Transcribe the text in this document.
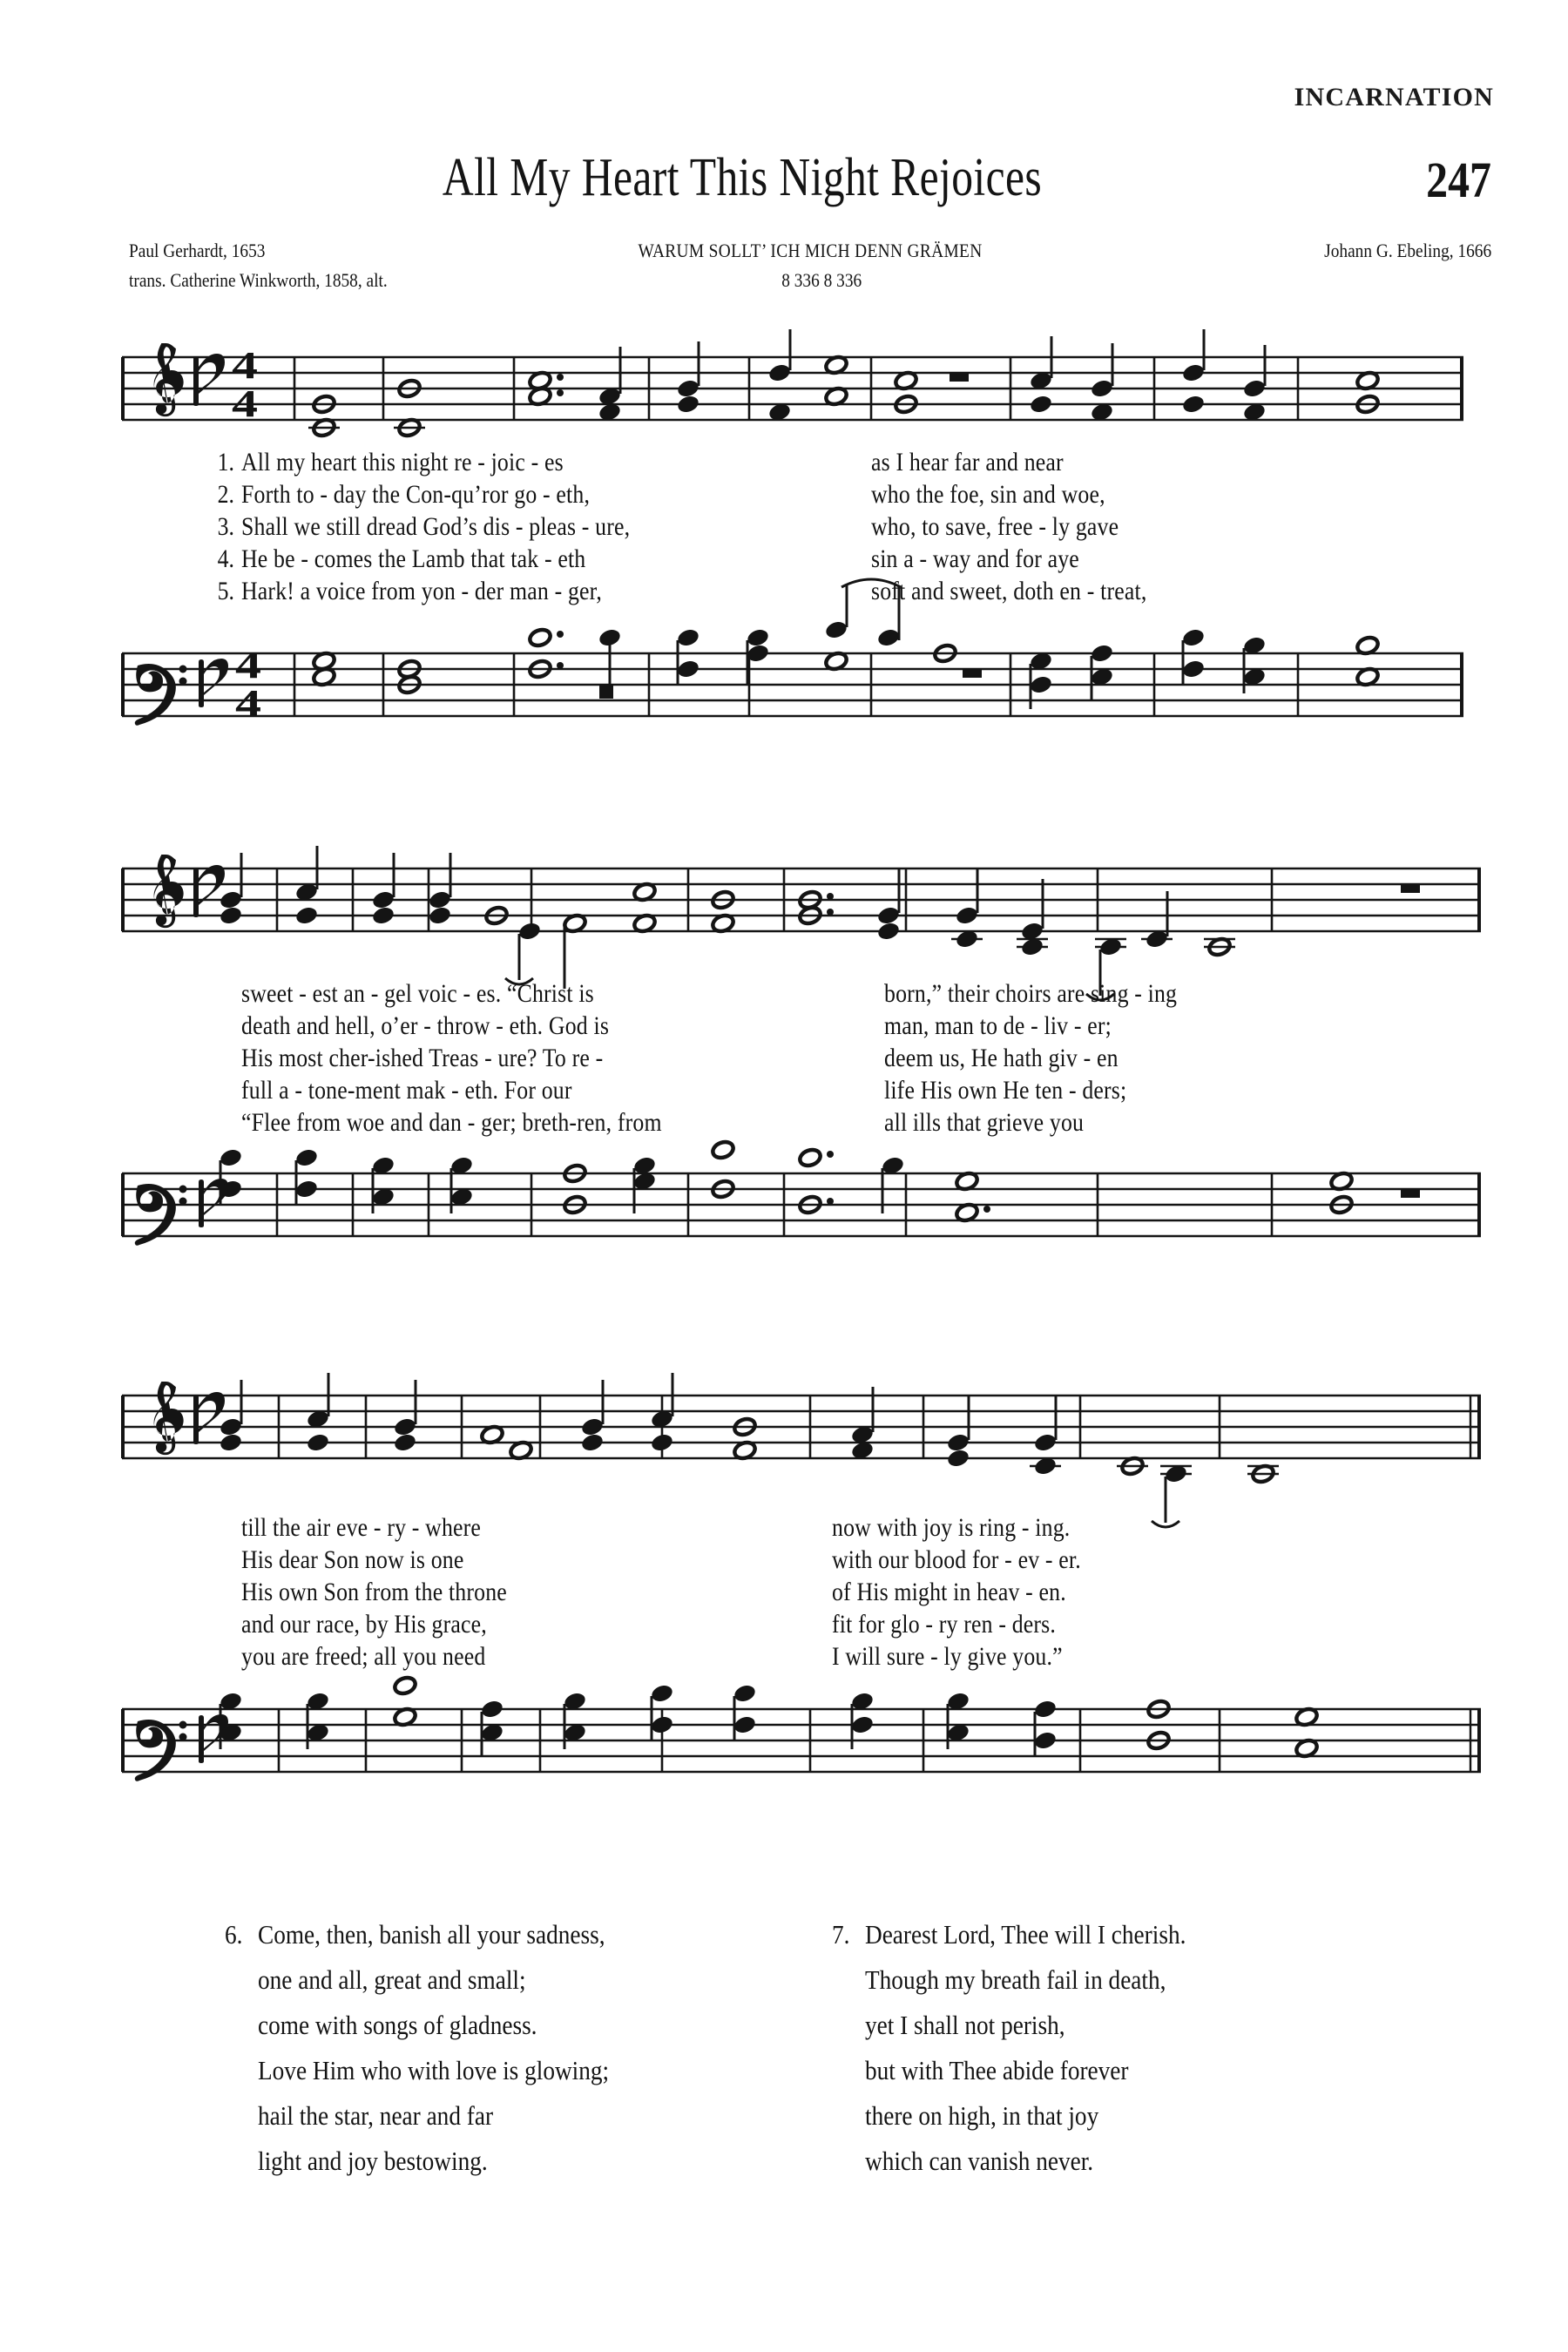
INCARNATION
All My Heart This Night Rejoices	247
Paul Gerhardt, 1653	WARUM SOLLT’ ICH MICH DENN GRÄMEN	Johann G. Ebeling, 1666
trans. Catherine Winkworth, 1858, alt.	8 336 8 336
4
4
4
4
1. All my heart this night re - joic - es	as I hear far and near
2. Forth to - day the Con-qu’ror go - eth,	who the foe, sin and woe,
3. Shall we still dread God’s dis - pleas - ure,	who, to save, free - ly gave
4. He be - comes the Lamb that tak - eth	sin a - way and for aye
5. Hark! a voice from yon - der man - ger,	soft and sweet, doth en - treat,
sweet - est an - gel voic - es. “Christ is	born,” their choirs are sing - ing
death and hell, o’er - throw - eth. God is	man, man to de - liv - er;
His most cher-ished Treas - ure? To re -	deem us, He hath giv - en
full a - tone-ment mak - eth. For our	life His own He ten - ders;
“Flee from woe and dan - ger; breth-ren, from	all ills that grieve you
till the air eve - ry - where	now with joy is ring - ing.
His dear Son now is one	with our blood for - ev - er.
His own Son from the throne	of His might in heav - en.
and our race, by His grace,	fit for glo - ry ren - ders.
you are freed; all you need	I will sure - ly give you.”
6. Come, then, banish all your sadness,
one and all, great and small;
come with songs of gladness.
Love Him who with love is glowing;
hail the star, near and far
light and joy bestowing.
7. Dearest Lord, Thee will I cherish.
Though my breath fail in death,
yet I shall not perish,
but with Thee abide forever
there on high, in that joy
which can vanish never.
